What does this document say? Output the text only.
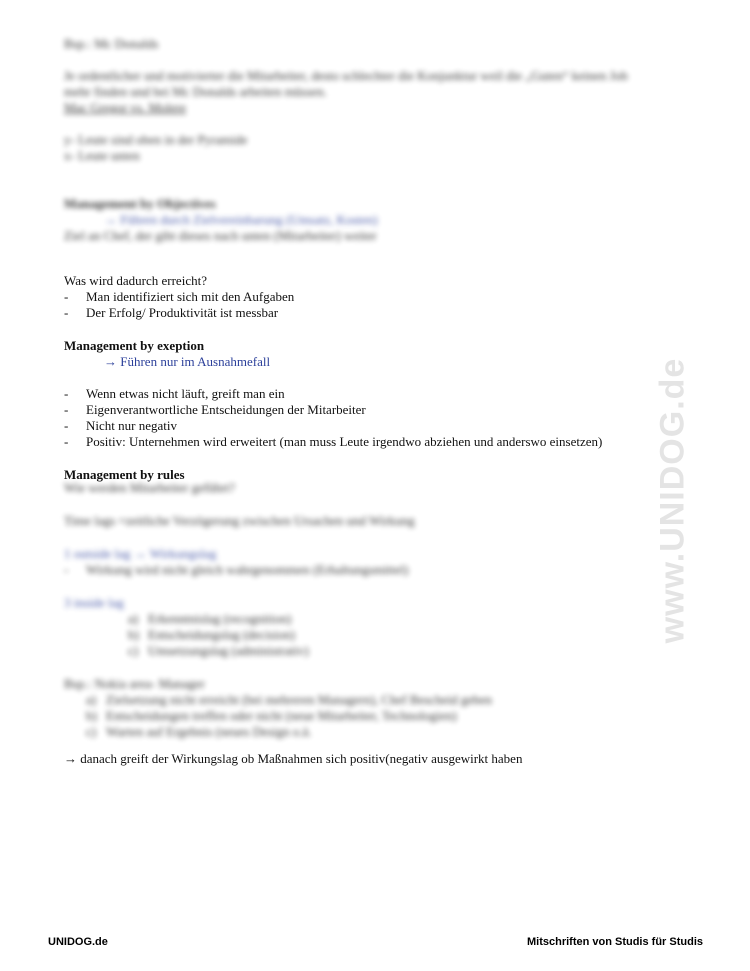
Bsp.: Mc Donalds
Je ordentlicher und motivierter die Mitarbeiter, desto schlechter die Konjunktur weil die „Guten“ keinen Job
mehr finden und bei Mc Donalds arbeiten müssen.
Mac Gregor vs. Molere
y- Leute sind oben in der Pyramide
x- Leute unten
Management by Objectives
→ Führen durch Zielvereinbarung (Umsatz, Kosten)
Ziel an Chef, der gibt dieses nach unten (Mitarbeiter) weiter
Was wird dadurch erreicht?
-	Man identifiziert sich mit den Aufgaben
-	Der Erfolg/ Produktivität ist messbar
Management by exeption
→ Führen nur im Ausnahmefall
-	Wenn etwas nicht läuft, greift man ein
-	Eigenverantwortliche Entscheidungen der Mitarbeiter
-	Nicht nur negativ
-	Positiv: Unternehmen wird erweitert (man muss Leute irgendwo abziehen und anderswo einsetzen)
Management by rules
Wie werden Mitarbeiter geführt?
Time lags =zeitliche Verzögerung zwischen Ursachen und Wirkung
1 outside lag → Wirkungslag
-	Wirkung wird nicht gleich wahrgenommen (Erhaltungsmittel)
3 inside lag
a) Erkenntnislag (recognition)
b) Entscheidungslag (decision)
c) Umsetzungslag (administrativ)
Bsp.: Nokia area- Manager
a) Zielsetzung nicht erreicht (bei mehreren Managern), Chef Bescheid geben
b) Entscheidungen treffen oder nicht (neue Mitarbeiter, Technologien)
c) Warten auf Ergebnis (neues Design o.ä.
→ danach greift der Wirkungslag ob Maßnahmen sich positiv(negativ ausgewirkt haben
www.UNIDOG.de
UNIDOG.de	Mitschriften von Studis für Studis
